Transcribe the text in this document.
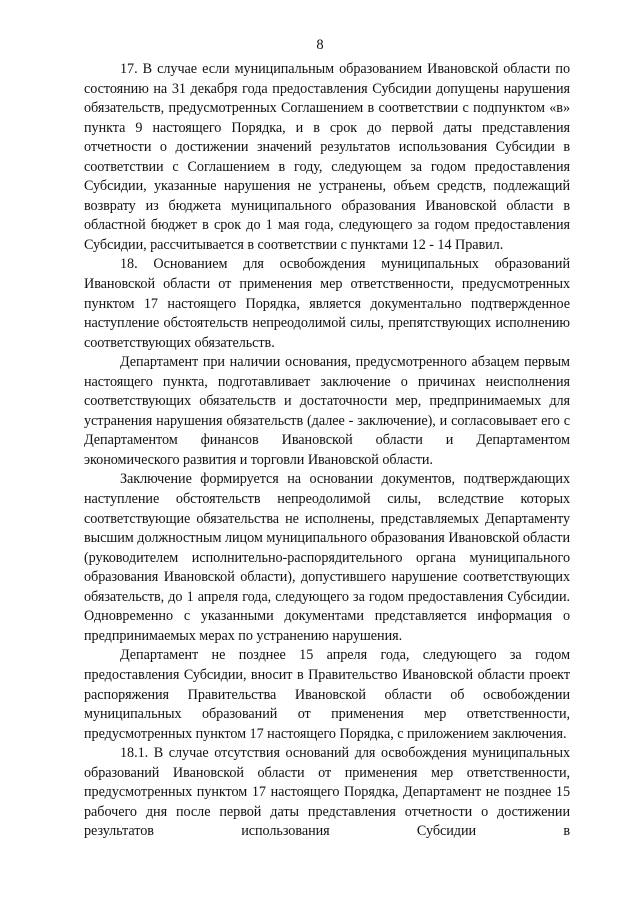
8

17. В случае если муниципальным образованием Ивановской области по состоянию на 31 декабря года предоставления Субсидии допущены нарушения обязательств, предусмотренных Соглашением в соответствии с подпунктом «в» пункта 9 настоящего Порядка, и в срок до первой даты представления отчетности о достижении значений результатов использования Субсидии в соответствии с Соглашением в году, следующем за годом предоставления Субсидии, указанные нарушения не устранены, объем средств, подлежащий возврату из бюджета муниципального образования Ивановской области в областной бюджет в срок до 1 мая года, следующего за годом предоставления Субсидии, рассчитывается в соответствии с пунктами 12 - 14 Правил.

18. Основанием для освобождения муниципальных образований Ивановской области от применения мер ответственности, предусмотренных пунктом 17 настоящего Порядка, является документально подтвержденное наступление обстоятельств непреодолимой силы, препятствующих исполнению соответствующих обязательств.

Департамент при наличии основания, предусмотренного абзацем первым настоящего пункта, подготавливает заключение о причинах неисполнения соответствующих обязательств и достаточности мер, предпринимаемых для устранения нарушения обязательств (далее - заключение), и согласовывает его с Департаментом финансов Ивановской области и Департаментом экономического развития и торговли Ивановской области.

Заключение формируется на основании документов, подтверждающих наступление обстоятельств непреодолимой силы, вследствие которых соответствующие обязательства не исполнены, представляемых Департаменту высшим должностным лицом муниципального образования Ивановской области (руководителем исполнительно-распорядительного органа муниципального образования Ивановской области), допустившего нарушение соответствующих обязательств, до 1 апреля года, следующего за годом предоставления Субсидии. Одновременно с указанными документами представляется информация о предпринимаемых мерах по устранению нарушения.

Департамент не позднее 15 апреля года, следующего за годом предоставления Субсидии, вносит в Правительство Ивановской области проект распоряжения Правительства Ивановской области об освобождении муниципальных образований от применения мер ответственности, предусмотренных пунктом 17 настоящего Порядка, с приложением заключения.

18.1. В случае отсутствия оснований для освобождения муниципальных образований Ивановской области от применения мер ответственности, предусмотренных пунктом 17 настоящего Порядка, Департамент не позднее 15 рабочего дня после первой даты представления отчетности о достижении результатов использования Субсидии в
